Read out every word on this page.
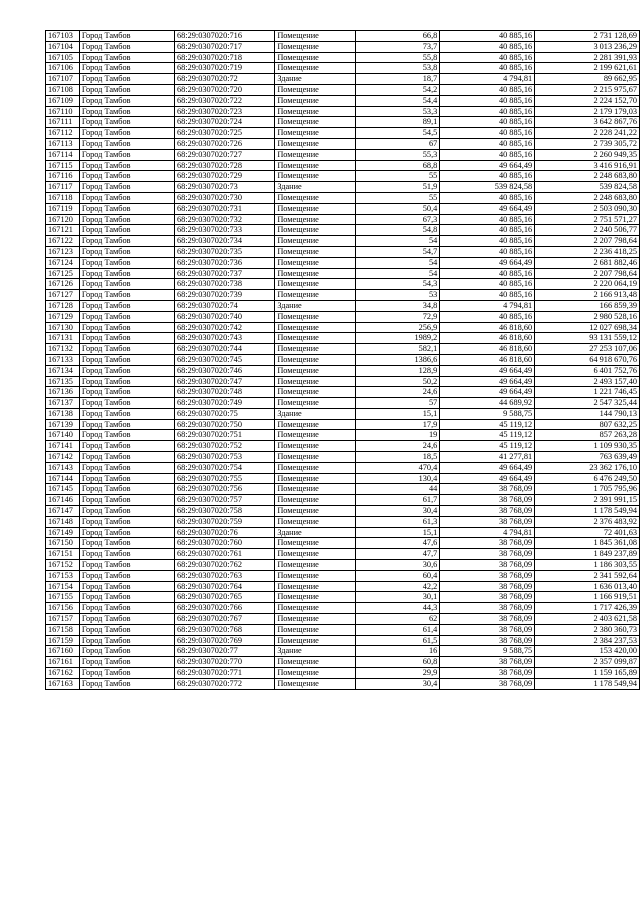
167103	Город Тамбов	68:29:0307020:716	Помещение	66,8	40 885,16	2 731 128,69
167104	Город Тамбов	68:29:0307020:717	Помещение	73,7	40 885,16	3 013 236,29
167105	Город Тамбов	68:29:0307020:718	Помещение	55,8	40 885,16	2 281 391,93
167106	Город Тамбов	68:29:0307020:719	Помещение	53,8	40 885,16	2 199 621,61
167107	Город Тамбов	68:29:0307020:72	Здание	18,7	4 794,81	89 662,95
167108	Город Тамбов	68:29:0307020:720	Помещение	54,2	40 885,16	2 215 975,67
167109	Город Тамбов	68:29:0307020:722	Помещение	54,4	40 885,16	2 224 152,70
167110	Город Тамбов	68:29:0307020:723	Помещение	53,3	40 885,16	2 179 179,03
167111	Город Тамбов	68:29:0307020:724	Помещение	89,1	40 885,16	3 642 867,76
167112	Город Тамбов	68:29:0307020:725	Помещение	54,5	40 885,16	2 228 241,22
167113	Город Тамбов	68:29:0307020:726	Помещение	67	40 885,16	2 739 305,72
167114	Город Тамбов	68:29:0307020:727	Помещение	55,3	40 885,16	2 260 949,35
167115	Город Тамбов	68:29:0307020:728	Помещение	68,8	49 664,49	3 416 916,91
167116	Город Тамбов	68:29:0307020:729	Помещение	55	40 885,16	2 248 683,80
167117	Город Тамбов	68:29:0307020:73	Здание	51,9	539 824,58	539 824,58
167118	Город Тамбов	68:29:0307020:730	Помещение	55	40 885,16	2 248 683,80
167119	Город Тамбов	68:29:0307020:731	Помещение	50,4	49 664,49	2 503 090,30
167120	Город Тамбов	68:29:0307020:732	Помещение	67,3	40 885,16	2 751 571,27
167121	Город Тамбов	68:29:0307020:733	Помещение	54,8	40 885,16	2 240 506,77
167122	Город Тамбов	68:29:0307020:734	Помещение	54	40 885,16	2 207 798,64
167123	Город Тамбов	68:29:0307020:735	Помещение	54,7	40 885,16	2 236 418,25
167124	Город Тамбов	68:29:0307020:736	Помещение	54	49 664,49	2 681 882,46
167125	Город Тамбов	68:29:0307020:737	Помещение	54	40 885,16	2 207 798,64
167126	Город Тамбов	68:29:0307020:738	Помещение	54,3	40 885,16	2 220 064,19
167127	Город Тамбов	68:29:0307020:739	Помещение	53	40 885,16	2 166 913,48
167128	Город Тамбов	68:29:0307020:74	Здание	34,8	4 794,81	166 859,39
167129	Город Тамбов	68:29:0307020:740	Помещение	72,9	40 885,16	2 980 528,16
167130	Город Тамбов	68:29:0307020:742	Помещение	256,9	46 818,60	12 027 698,34
167131	Город Тамбов	68:29:0307020:743	Помещение	1989,2	46 818,60	93 131 559,12
167132	Город Тамбов	68:29:0307020:744	Помещение	582,1	46 818,60	27 253 107,06
167133	Город Тамбов	68:29:0307020:745	Помещение	1386,6	46 818,60	64 918 670,76
167134	Город Тамбов	68:29:0307020:746	Помещение	128,9	49 664,49	6 401 752,76
167135	Город Тамбов	68:29:0307020:747	Помещение	50,2	49 664,49	2 493 157,40
167136	Город Тамбов	68:29:0307020:748	Помещение	24,6	49 664,49	1 221 746,45
167137	Город Тамбов	68:29:0307020:749	Помещение	57	44 689,92	2 547 325,44
167138	Город Тамбов	68:29:0307020:75	Здание	15,1	9 588,75	144 790,13
167139	Город Тамбов	68:29:0307020:750	Помещение	17,9	45 119,12	807 632,25
167140	Город Тамбов	68:29:0307020:751	Помещение	19	45 119,12	857 263,28
167141	Город Тамбов	68:29:0307020:752	Помещение	24,6	45 119,12	1 109 930,35
167142	Город Тамбов	68:29:0307020:753	Помещение	18,5	41 277,81	763 639,49
167143	Город Тамбов	68:29:0307020:754	Помещение	470,4	49 664,49	23 362 176,10
167144	Город Тамбов	68:29:0307020:755	Помещение	130,4	49 664,49	6 476 249,50
167145	Город Тамбов	68:29:0307020:756	Помещение	44	38 768,09	1 705 795,96
167146	Город Тамбов	68:29:0307020:757	Помещение	61,7	38 768,09	2 391 991,15
167147	Город Тамбов	68:29:0307020:758	Помещение	30,4	38 768,09	1 178 549,94
167148	Город Тамбов	68:29:0307020:759	Помещение	61,3	38 768,09	2 376 483,92
167149	Город Тамбов	68:29:0307020:76	Здание	15,1	4 794,81	72 401,63
167150	Город Тамбов	68:29:0307020:760	Помещение	47,6	38 768,09	1 845 361,08
167151	Город Тамбов	68:29:0307020:761	Помещение	47,7	38 768,09	1 849 237,89
167152	Город Тамбов	68:29:0307020:762	Помещение	30,6	38 768,09	1 186 303,55
167153	Город Тамбов	68:29:0307020:763	Помещение	60,4	38 768,09	2 341 592,64
167154	Город Тамбов	68:29:0307020:764	Помещение	42,2	38 768,09	1 636 013,40
167155	Город Тамбов	68:29:0307020:765	Помещение	30,1	38 768,09	1 166 919,51
167156	Город Тамбов	68:29:0307020:766	Помещение	44,3	38 768,09	1 717 426,39
167157	Город Тамбов	68:29:0307020:767	Помещение	62	38 768,09	2 403 621,58
167158	Город Тамбов	68:29:0307020:768	Помещение	61,4	38 768,09	2 380 360,73
167159	Город Тамбов	68:29:0307020:769	Помещение	61,5	38 768,09	2 384 237,53
167160	Город Тамбов	68:29:0307020:77	Здание	16	9 588,75	153 420,00
167161	Город Тамбов	68:29:0307020:770	Помещение	60,8	38 768,09	2 357 099,87
167162	Город Тамбов	68:29:0307020:771	Помещение	29,9	38 768,09	1 159 165,89
167163	Город Тамбов	68:29:0307020:772	Помещение	30,4	38 768,09	1 178 549,94
